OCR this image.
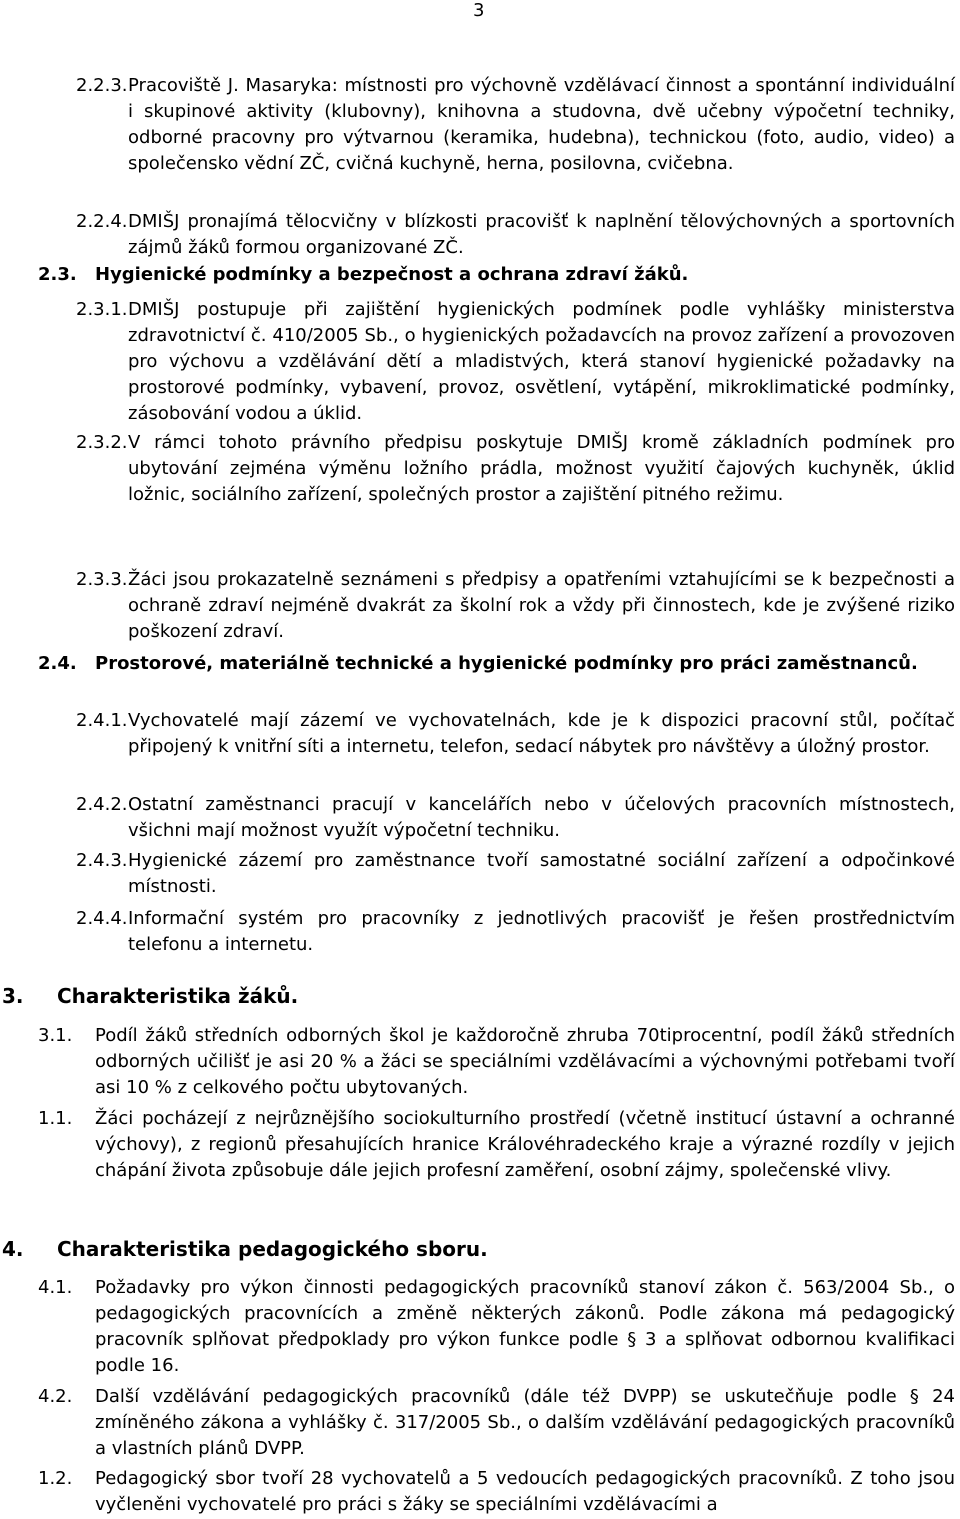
3
2.2.3. Pracoviště J. Masaryka: místnosti pro výchovně vzdělávací činnost a spontánní individuální i skupinové aktivity (klubovny), knihovna a studovna, dvě učebny výpočetní techniky, odborné pracovny pro výtvarnou (keramika, hudebna), technickou (foto, audio, video) a společensko vědní ZČ, cvičná kuchyně, herna, posilovna, cvičebna.
2.2.4. DMIŠJ pronajímá tělocvičny v blízkosti pracovišť k naplnění tělovýchovných a sportovních zájmů žáků formou organizované ZČ.
2.3.	Hygienické podmínky a bezpečnost a ochrana zdraví žáků.
2.3.1. DMIŠJ postupuje při zajištění hygienických podmínek podle vyhlášky ministerstva zdravotnictví č. 410/2005 Sb., o hygienických požadavcích na provoz zařízení a provozoven pro výchovu a vzdělávání dětí a mladistvých, která stanoví hygienické požadavky na prostorové podmínky, vybavení, provoz, osvětlení, vytápění, mikroklimatické podmínky, zásobování vodou a úklid.
2.3.2. V rámci tohoto právního předpisu poskytuje DMIŠJ kromě základních podmínek pro ubytování zejména výměnu ložního prádla, možnost využití čajových kuchyněk, úklid ložnic, sociálního zařízení, společných prostor a zajištění pitného režimu.
2.3.3. Žáci jsou prokazatelně seznámeni s předpisy a opatřeními vztahujícími se k bezpečnosti a ochraně zdraví nejméně dvakrát za školní rok a vždy při činnostech, kde je zvýšené riziko poškození zdraví.
2.4.	Prostorové, materiálně technické a hygienické podmínky pro práci zaměstnanců.
2.4.1. Vychovatelé mají zázemí ve vychovatelnách, kde je k dispozici pracovní stůl, počítač připojený k vnitřní síti a internetu, telefon, sedací nábytek pro návštěvy a úložný prostor.
2.4.2. Ostatní zaměstnanci pracují v kancelářích nebo v účelových pracovních místnostech, všichni mají možnost využít výpočetní techniku.
2.4.3. Hygienické zázemí pro zaměstnance tvoří samostatné sociální zařízení a odpočinkové místnosti.
2.4.4. Informační systém pro pracovníky z jednotlivých pracovišť je řešen prostřednictvím telefonu a internetu.
3.	Charakteristika žáků.
3.1.	Podíl žáků středních odborných škol je každoročně zhruba 70tiprocentní, podíl žáků středních odborných učilišť je asi 20 % a žáci se speciálními vzdělávacími a výchovnými potřebami tvoří asi 10 % z celkového počtu ubytovaných.
1.1.	Žáci pocházejí z nejrůznějšího sociokulturního prostředí (včetně institucí ústavní a ochranné výchovy), z regionů přesahujících hranice Královéhradeckého kraje a výrazné rozdíly v jejich chápání života způsobuje dále jejich profesní zaměření, osobní zájmy, společenské vlivy.
4.	Charakteristika pedagogického sboru.
4.1.	Požadavky pro výkon činnosti pedagogických pracovníků stanoví zákon č. 563/2004 Sb., o pedagogických pracovnících a změně některých zákonů. Podle zákona má pedagogický pracovník splňovat předpoklady pro výkon funkce podle § 3 a splňovat odbornou kvalifikaci podle 16.
4.2.	Další vzdělávání pedagogických pracovníků (dále též DVPP) se uskutečňuje podle § 24 zmíněného zákona a vyhlášky č. 317/2005 Sb., o dalším vzdělávání pedagogických pracovníků a vlastních plánů DVPP.
1.2.	Pedagogický sbor tvoří 28 vychovatelů a 5 vedoucích pedagogických pracovníků. Z toho jsou vyčleněni vychovatelé pro práci s žáky se speciálními vzdělávacími a
